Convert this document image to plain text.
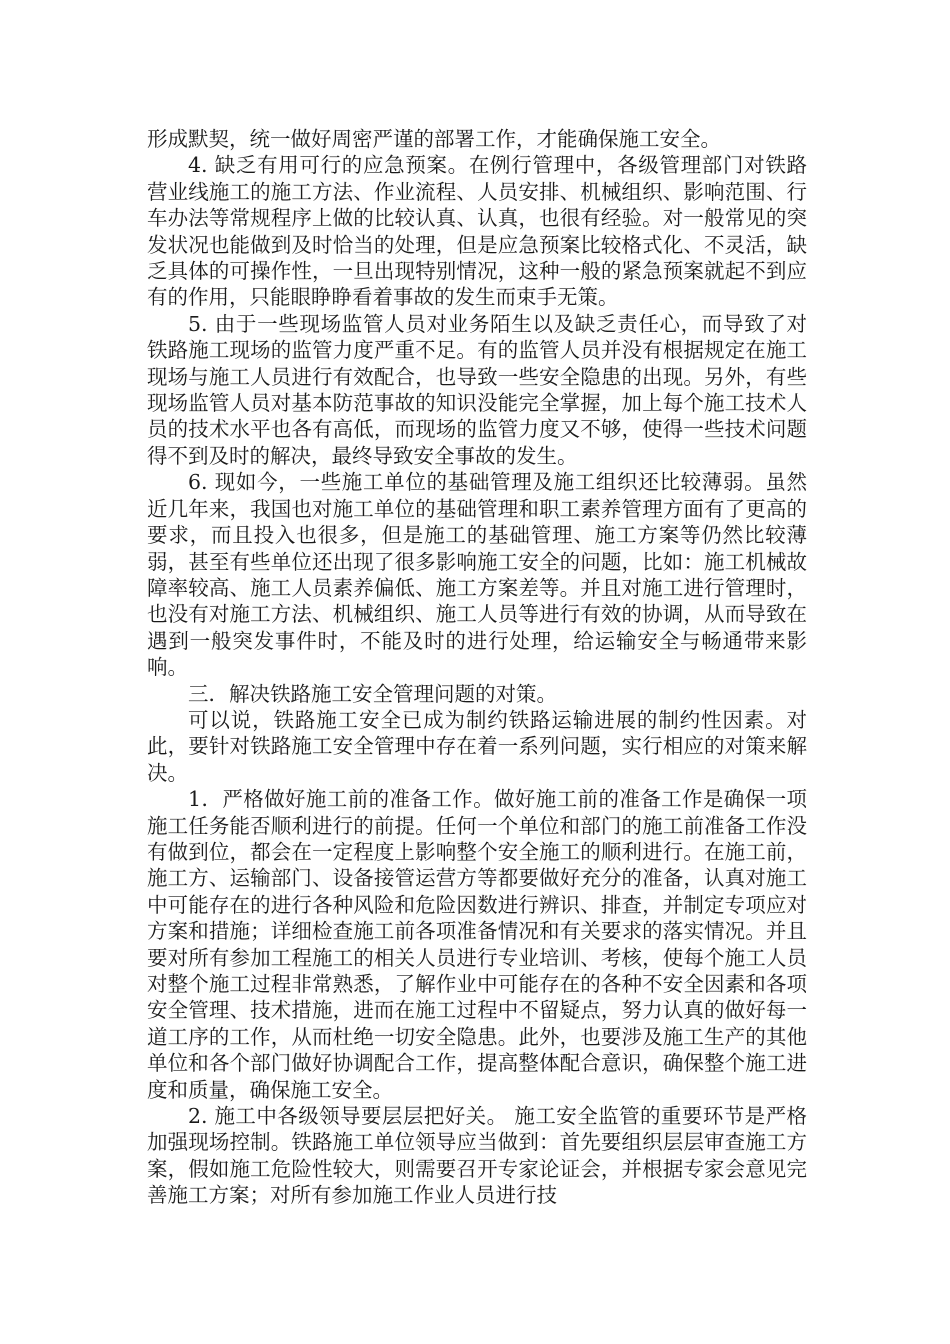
形成默契，统一做好周密严谨的部署工作，才能确保施工安全。

4. 缺乏有用可行的应急预案。在例行管理中，各级管理部门对铁路营业线施工的施工方法、作业流程、人员安排、机械组织、影响范围、行车办法等常规程序上做的比较认真、认真，也很有经验。对一般常见的突发状况也能做到及时恰当的处理，但是应急预案比较格式化、不灵活，缺乏具体的可操作性，一旦出现特别情况，这种一般的紧急预案就起不到应有的作用，只能眼睁睁看着事故的发生而束手无策。

5. 由于一些现场监管人员对业务陌生以及缺乏责任心，而导致了对铁路施工现场的监管力度严重不足。有的监管人员并没有根据规定在施工现场与施工人员进行有效配合，也导致一些安全隐患的出现。另外，有些现场监管人员对基本防范事故的知识没能完全掌握，加上每个施工技术人员的技术水平也各有高低，而现场的监管力度又不够，使得一些技术问题得不到及时的解决，最终导致安全事故的发生。

6. 现如今，一些施工单位的基础管理及施工组织还比较薄弱。虽然近几年来，我国也对施工单位的基础管理和职工素养管理方面有了更高的要求，而且投入也很多，但是施工的基础管理、施工方案等仍然比较薄弱，甚至有些单位还出现了很多影响施工安全的问题，比如：施工机械故障率较高、施工人员素养偏低、施工方案差等。并且对施工进行管理时，也没有对施工方法、机械组织、施工人员等进行有效的协调，从而导致在遇到一般突发事件时，不能及时的进行处理，给运输安全与畅通带来影响。

三．解决铁路施工安全管理问题的对策。

可以说，铁路施工安全已成为制约铁路运输进展的制约性因素。对此，要针对铁路施工安全管理中存在着一系列问题，实行相应的对策来解决。

1．严格做好施工前的准备工作。做好施工前的准备工作是确保一项施工任务能否顺利进行的前提。任何一个单位和部门的施工前准备工作没有做到位，都会在一定程度上影响整个安全施工的顺利进行。在施工前，施工方、运输部门、设备接管运营方等都要做好充分的准备，认真对施工中可能存在的进行各种风险和危险因数进行辨识、排查，并制定专项应对方案和措施；详细检查施工前各项准备情况和有关要求的落实情况。并且要对所有参加工程施工的相关人员进行专业培训、考核，使每个施工人员对整个施工过程非常熟悉，了解作业中可能存在的各种不安全因素和各项安全管理、技术措施，进而在施工过程中不留疑点，努力认真的做好每一道工序的工作，从而杜绝一切安全隐患。此外，也要涉及施工生产的其他单位和各个部门做好协调配合工作，提高整体配合意识，确保整个施工进度和质量，确保施工安全。

2. 施工中各级领导要层层把好关。 施工安全监管的重要环节是严格加强现场控制。铁路施工单位领导应当做到：首先要组织层层审查施工方案，假如施工危险性较大，则需要召开专家论证会，并根据专家会意见完善施工方案；对所有参加施工作业人员进行技
